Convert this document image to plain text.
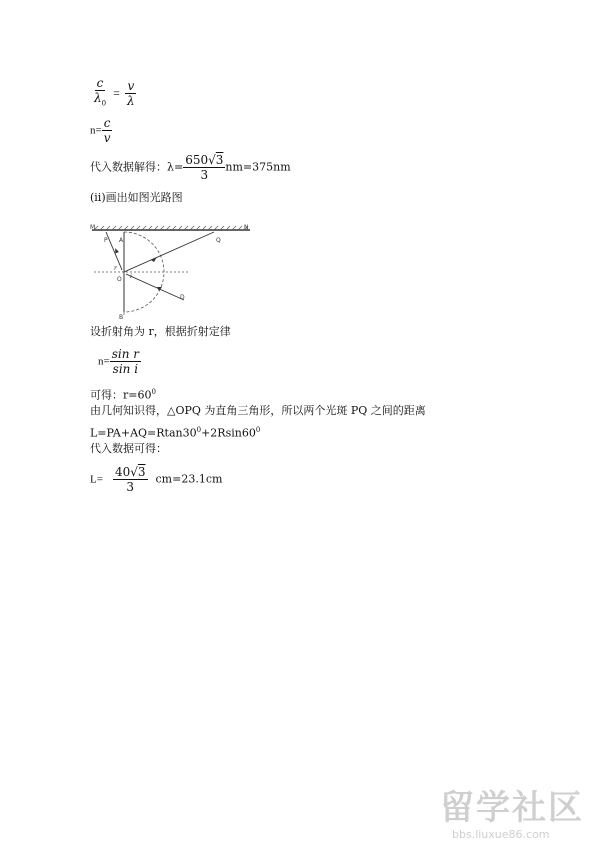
$\frac{c}{\lambda_0} = \frac{v}{\lambda}$
$n= \frac{c}{v}$
代入数据解得：$\lambda= \frac{650√3}{3} nm=375nm$
(ⅱ)画出如图光路图
M	N
P A	Q
r
i
O
B
D
设折射角为 r，根据折射定律
$n= \frac{\text{sin r}}{\text{sin i}}$
可得：$r=60^0$
由几何知识得，△OPQ 为直角三角形，所以两个光斑 PQ 之间的距离
$L=PA+AQ=Rtan30^0+2Rsin60^0$
代入数据可得：
$L= \frac{40√3}{3} cm=23.1cm$
留学社区
bbs.liuxue86.com
